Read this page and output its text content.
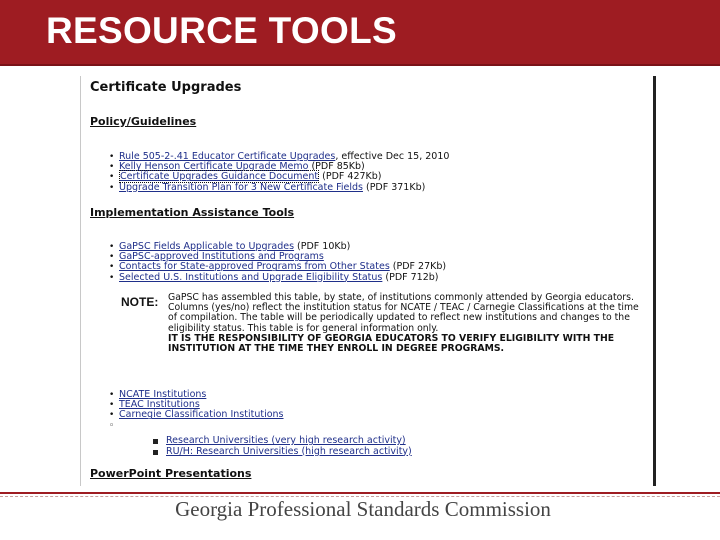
RESOURCE TOOLS
Certificate Upgrades
Policy/Guidelines
• Rule 505-2-.41 Educator Certificate Upgrades, effective Dec 15, 2010
• Kelly Henson Certificate Upgrade Memo (PDF 85Kb)
• Certificate Upgrades Guidance Document (PDF 427Kb)
• Upgrade Transition Plan for 3 New Certificate Fields (PDF 371Kb)
Implementation Assistance Tools
• GaPSC Fields Applicable to Upgrades (PDF 10Kb)
• GaPSC-approved Institutions and Programs
• Contacts for State-approved Programs from Other States (PDF 27Kb)
• Selected U.S. Institutions and Upgrade Eligibility Status (PDF 712b)
NOTE: GaPSC has assembled this table, by state, of institutions commonly attended by Georgia educators. Columns (yes/no) reflect the institution status for NCATE / TEAC / Carnegie Classifications at the time of compilation. The table will be periodically updated to reflect new institutions and changes to the eligibility status. This table is for general information only.
IT IS THE RESPONSIBILITY OF GEORGIA EDUCATORS TO VERIFY ELIGIBILITY WITH THE INSTITUTION AT THE TIME THEY ENROLL IN DEGREE PROGRAMS.
• NCATE Institutions
• TEAC Institutions
• Carnegie Classification Institutions
◦
Research Universities (very high research activity)
RU/H: Research Universities (high research activity)
PowerPoint Presentations
Georgia Professional Standards Commission
